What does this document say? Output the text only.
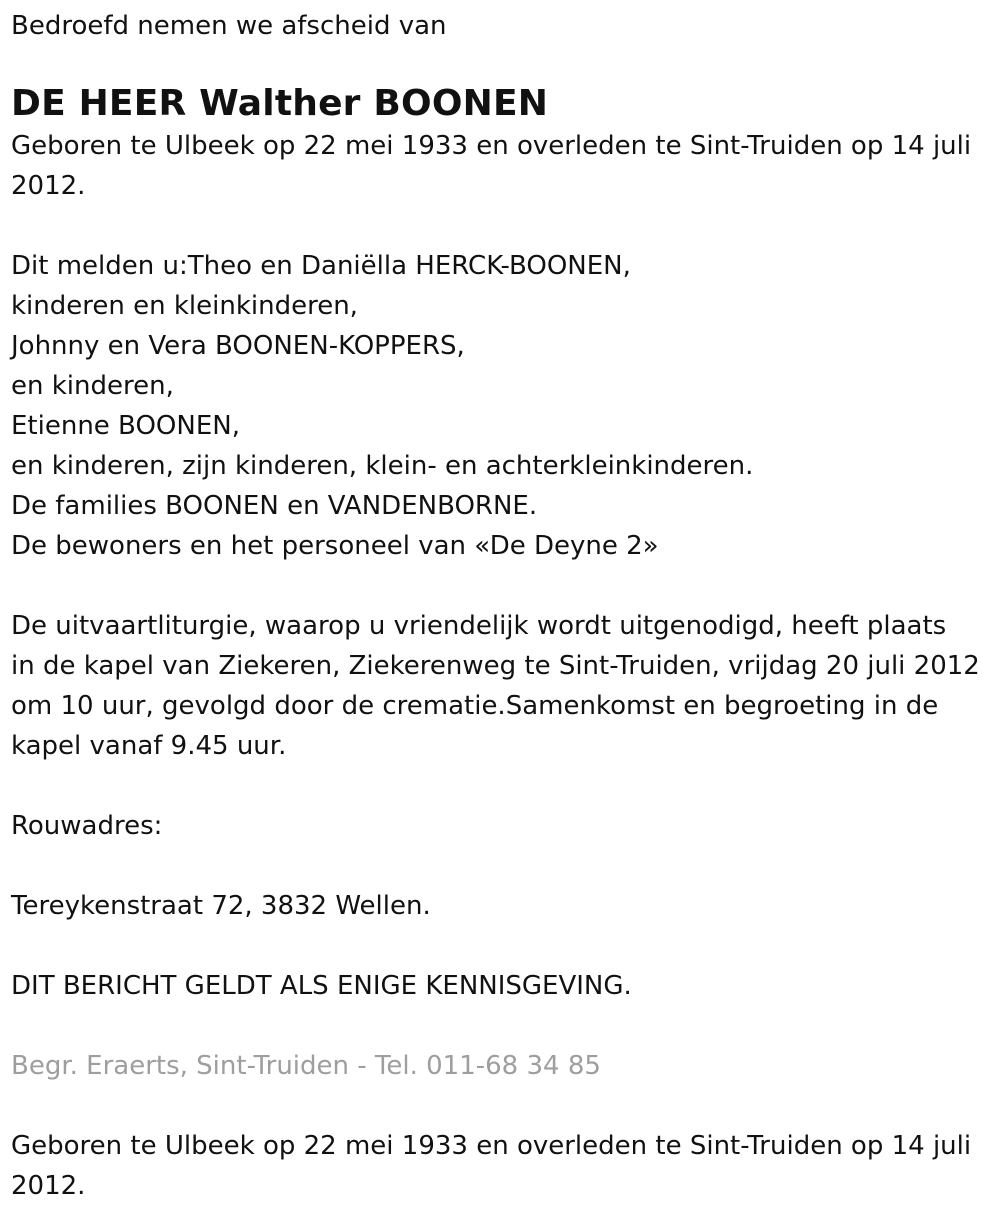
Bedroefd nemen we afscheid van

DE HEER Walther BOONEN

Geboren te Ulbeek op 22 mei 1933 en overleden te Sint-Truiden op 14 juli

2012.

Dit melden u:Theo en Daniëlla HERCK-BOONEN,

kinderen en kleinkinderen,

Johnny en Vera BOONEN-KOPPERS,

en kinderen,

Etienne BOONEN,

en kinderen, zijn kinderen, klein- en achterkleinkinderen.

De families BOONEN en VANDENBORNE.

De bewoners en het personeel van «De Deyne 2»

De uitvaartliturgie, waarop u vriendelijk wordt uitgenodigd, heeft plaats

in de kapel van Ziekeren, Ziekerenweg te Sint-Truiden, vrijdag 20 juli 2012

om 10 uur, gevolgd door de crematie.Samenkomst en begroeting in de

kapel vanaf 9.45 uur.

Rouwadres:

Tereykenstraat 72, 3832 Wellen.

DIT BERICHT GELDT ALS ENIGE KENNISGEVING.

Begr. Eraerts, Sint-Truiden - Tel. 011-68 34 85

Geboren te Ulbeek op 22 mei 1933 en overleden te Sint-Truiden op 14 juli

2012.
